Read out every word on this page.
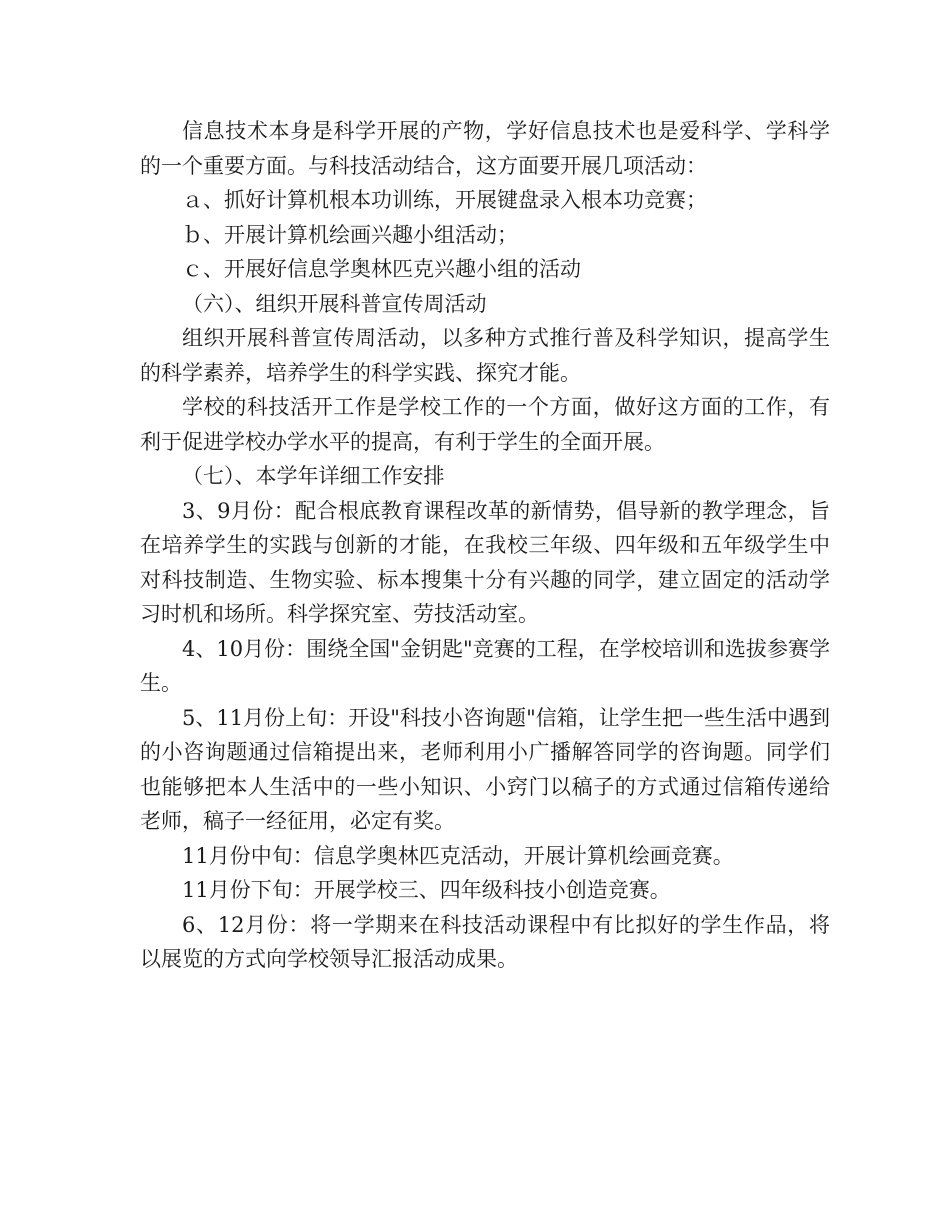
信息技术本身是科学开展的产物，学好信息技术也是爱科学、学科学的一个重要方面。与科技活动结合，这方面要开展几项活动：

ａ、抓好计算机根本功训练，开展键盘录入根本功竞赛；

ｂ、开展计算机绘画兴趣小组活动；

ｃ、开展好信息学奥林匹克兴趣小组的活动

（六）、组织开展科普宣传周活动

组织开展科普宣传周活动，以多种方式推行普及科学知识，提高学生的科学素养，培养学生的科学实践、探究才能。

学校的科技活开工作是学校工作的一个方面，做好这方面的工作，有利于促进学校办学水平的提高，有利于学生的全面开展。

（七）、本学年详细工作安排

3、9月份：配合根底教育课程改革的新情势，倡导新的教学理念，旨在培养学生的实践与创新的才能，在我校三年级、四年级和五年级学生中对科技制造、生物实验、标本搜集十分有兴趣的同学，建立固定的活动学习时机和场所。科学探究室、劳技活动室。

4、10月份：围绕全国"金钥匙"竞赛的工程，在学校培训和选拔参赛学生。

5、11月份上旬：开设"科技小咨询题"信箱，让学生把一些生活中遇到的小咨询题通过信箱提出来，老师利用小广播解答同学的咨询题。同学们也能够把本人生活中的一些小知识、小窍门以稿子的方式通过信箱传递给老师，稿子一经征用，必定有奖。

11月份中旬：信息学奥林匹克活动，开展计算机绘画竞赛。

11月份下旬：开展学校三、四年级科技小创造竞赛。

6、12月份：将一学期来在科技活动课程中有比拟好的学生作品，将以展览的方式向学校领导汇报活动成果。
